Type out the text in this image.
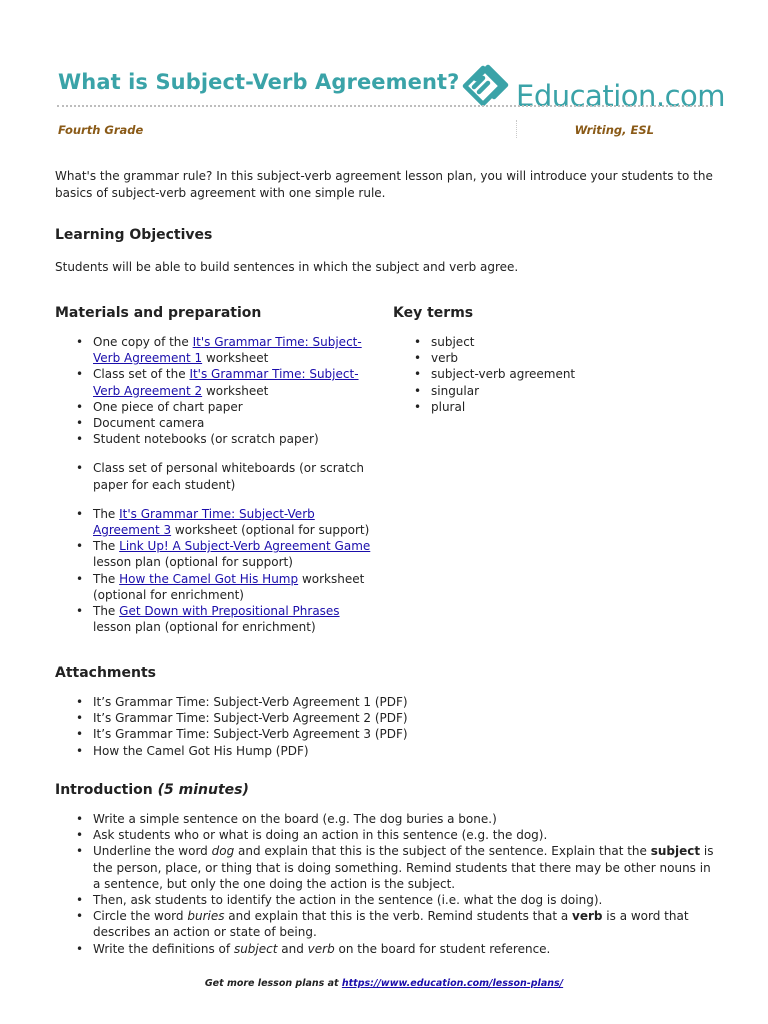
What is Subject-Verb Agreement? Education.com
Fourth Grade	Writing, ESL

What's the grammar rule? In this subject-verb agreement lesson plan, you will introduce your students to the basics of subject-verb agreement with one simple rule.

Learning Objectives

Students will be able to build sentences in which the subject and verb agree.

Materials and preparation
• One copy of the It's Grammar Time: Subject-Verb Agreement 1 worksheet
• Class set of the It's Grammar Time: Subject-Verb Agreement 2 worksheet
• One piece of chart paper
• Document camera
• Student notebooks (or scratch paper)
• Class set of personal whiteboards (or scratch paper for each student)
• The It's Grammar Time: Subject-Verb Agreement 3 worksheet (optional for support)
• The Link Up! A Subject-Verb Agreement Game lesson plan (optional for support)
• The How the Camel Got His Hump worksheet (optional for enrichment)
• The Get Down with Prepositional Phrases lesson plan (optional for enrichment)
Key terms
• subject
• verb
• subject-verb agreement
• singular
• plural
Attachments
• It’s Grammar Time: Subject-Verb Agreement 1 (PDF)
• It’s Grammar Time: Subject-Verb Agreement 2 (PDF)
• It’s Grammar Time: Subject-Verb Agreement 3 (PDF)
• How the Camel Got His Hump (PDF)
Introduction (5 minutes)
• Write a simple sentence on the board (e.g. The dog buries a bone.)
• Ask students who or what is doing an action in this sentence (e.g. the dog).
• Underline the word dog and explain that this is the subject of the sentence. Explain that the subject is the person, place, or thing that is doing something. Remind students that there may be other nouns in a sentence, but only the one doing the action is the subject.
• Then, ask students to identify the action in the sentence (i.e. what the dog is doing).
• Circle the word buries and explain that this is the verb. Remind students that a verb is a word that describes an action or state of being.
• Write the definitions of subject and verb on the board for student reference.
Get more lesson plans at https://www.education.com/lesson-plans/
